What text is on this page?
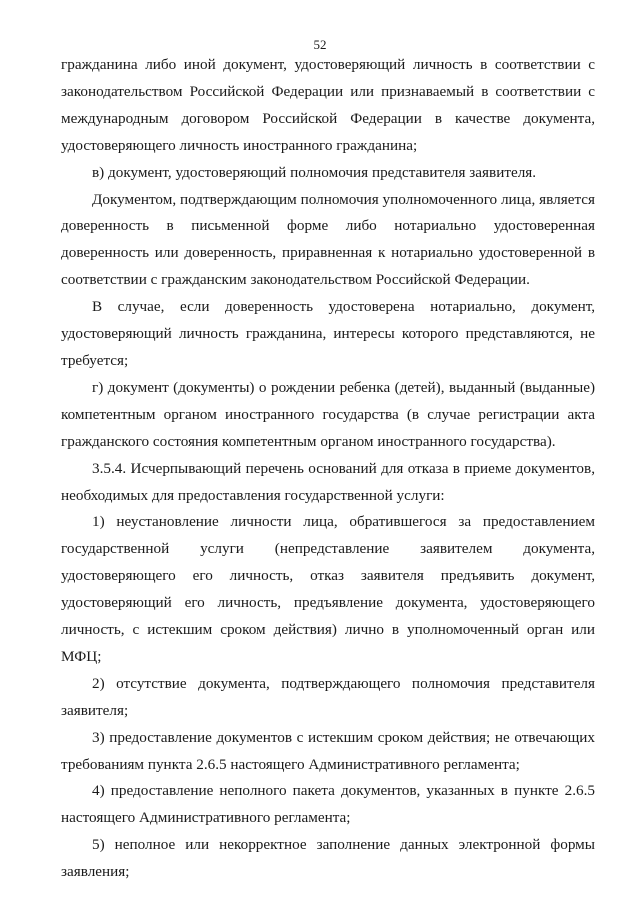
52

гражданина либо иной документ, удостоверяющий личность в соответствии с законодательством Российской Федерации или признаваемый в соответствии с международным договором Российской Федерации в качестве документа, удостоверяющего личность иностранного гражданина;

в) документ, удостоверяющий полномочия представителя заявителя.

Документом, подтверждающим полномочия уполномоченного лица, является доверенность в письменной форме либо нотариально удостоверенная доверенность или доверенность, приравненная к нотариально удостоверенной в соответствии с гражданским законодательством Российской Федерации.

В случае, если доверенность удостоверена нотариально, документ, удостоверяющий личность гражданина, интересы которого представляются, не требуется;

г) документ (документы) о рождении ребенка (детей), выданный (выданные) компетентным органом иностранного государства (в случае регистрации акта гражданского состояния компетентным органом иностранного государства).

3.5.4. Исчерпывающий перечень оснований для отказа в приеме документов, необходимых для предоставления государственной услуги:

1) неустановление личности лица, обратившегося за предоставлением государственной услуги (непредставление заявителем документа, удостоверяющего его личность, отказ заявителя предъявить документ, удостоверяющий его личность, предъявление документа, удостоверяющего личность, с истекшим сроком действия) лично в уполномоченный орган или МФЦ;

2) отсутствие документа, подтверждающего полномочия представителя заявителя;

3) предоставление документов с истекшим сроком действия; не отвечающих требованиям пункта 2.6.5 настоящего Административного регламента;

4) предоставление неполного пакета документов, указанных в пункте 2.6.5 настоящего Административного регламента;

5) неполное или некорректное заполнение данных электронной формы заявления;
